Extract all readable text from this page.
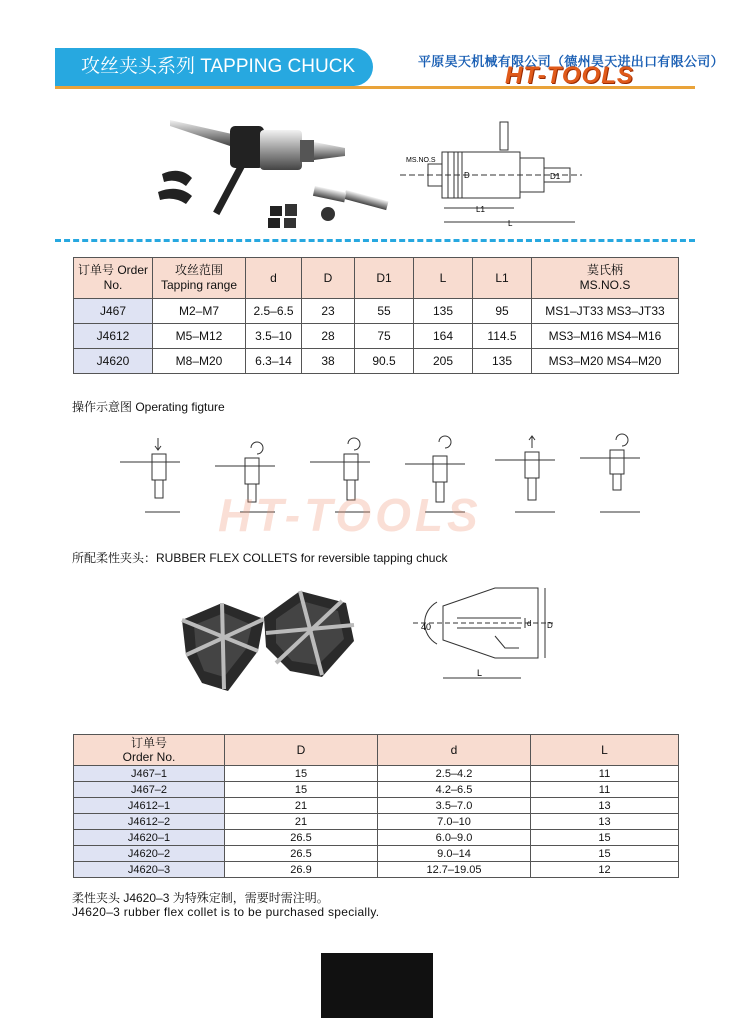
攻丝夹头系列 TAPPING CHUCK SERIES
平原昊天机械有限公司（德州昊天进出口有限公司）
HT-TOOLS
MS.NO.S
D
L1
L
D1
订单号 Order
No.	攻丝范围
Tapping range	d	D	D1	L	L1	莫氏柄
MS.NO.S
J467	M2–M7	2.5–6.5	23	55	135	95	MS1–JT33 MS3–JT33
J4612	M5–M12	3.5–10	28	75	164	114.5	MS3–M16 MS4–M16
J4620	M8–M20	6.3–14	38	90.5	205	135	MS3–M20 MS4–M20
操作示意图 Operating figture
HT-TOOLS
所配柔性夹头：RUBBER FLEX COLLETS for reversible tapping chuck
40
L
d D
订单号
Order No.	D	d	L
J467–1	15	2.5–4.2	11
J467–2	15	4.2–6.5	11
J4612–1	21	3.5–7.0	13
J4612–2	21	7.0–10	13
J4620–1	26.5	6.0–9.0	15
J4620–2	26.5	9.0–14	15
J4620–3	26.9	12.7–19.05	12
柔性夹头 J4620–3 为特殊定制，需要时需注明。
J4620–3 rubber flex collet is to be purchased specially.
